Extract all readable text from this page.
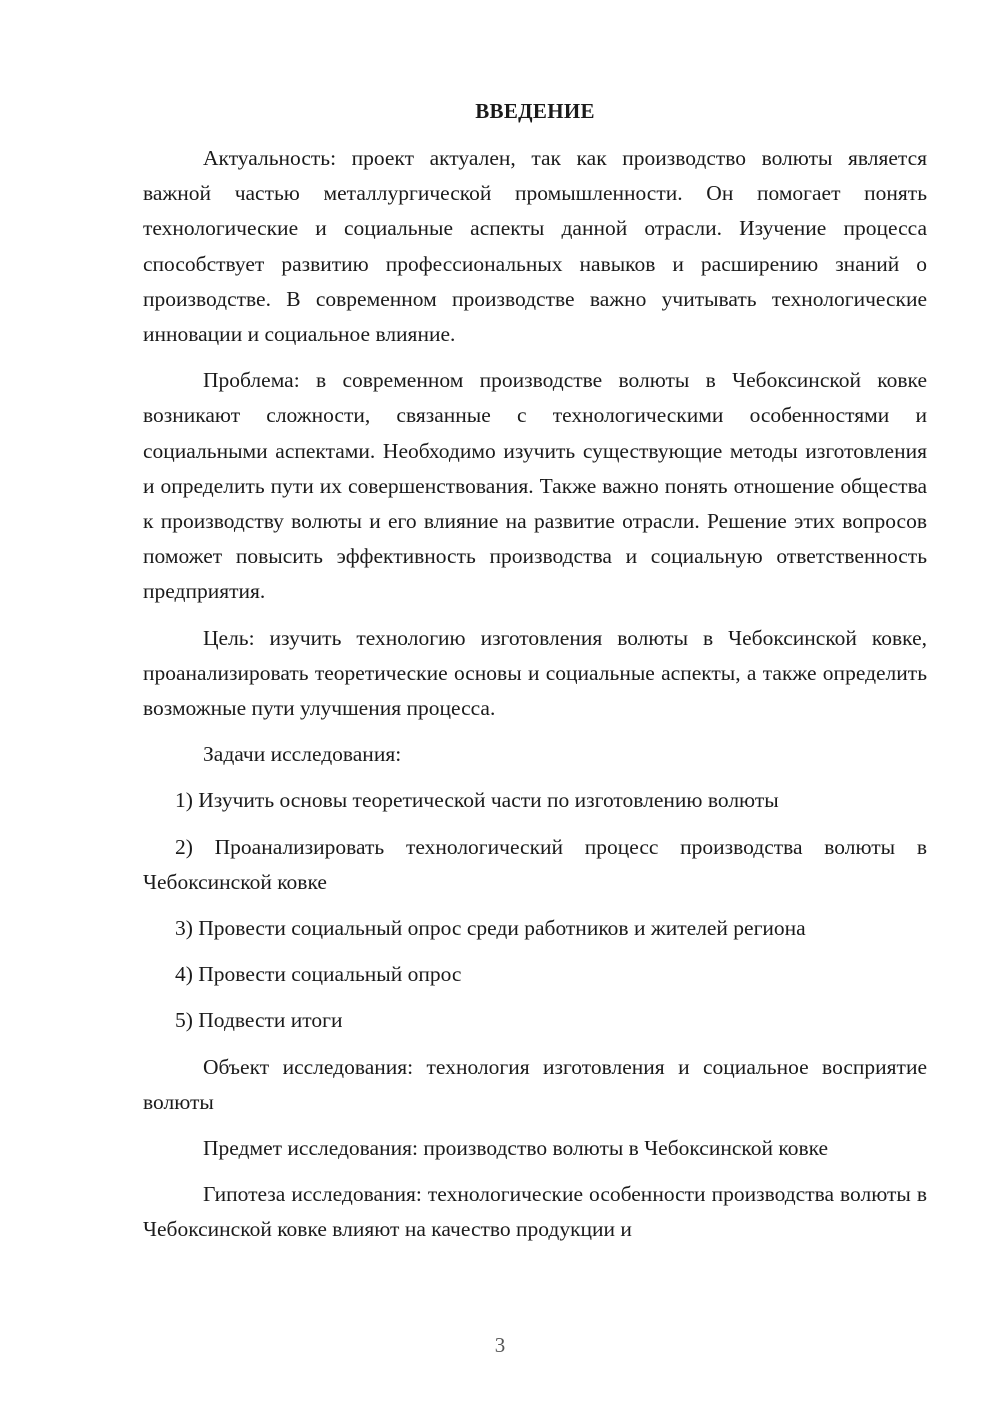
ВВЕДЕНИЕ

Актуальность: проект актуален, так как производство волюты является важной частью металлургической промышленности. Он помогает понять технологические и социальные аспекты данной отрасли. Изучение процесса способствует развитию профессиональных навыков и расширению знаний о производстве. В современном производстве важно учитывать технологические инновации и социальное влияние.

Проблема: в современном производстве волюты в Чебоксинской ковке возникают сложности, связанные с технологическими особенностями и социальными аспектами. Необходимо изучить существующие методы изготовления и определить пути их совершенствования. Также важно понять отношение общества к производству волюты и его влияние на развитие отрасли. Решение этих вопросов поможет повысить эффективность производства и социальную ответственность предприятия.

Цель: изучить технологию изготовления волюты в Чебоксинской ковке, проанализировать теоретические основы и социальные аспекты, а также определить возможные пути улучшения процесса.

Задачи исследования:

1) Изучить основы теоретической части по изготовлению волюты

2) Проанализировать технологический процесс производства волюты в Чебоксинской ковке

3) Провести социальный опрос среди работников и жителей региона

4) Провести социальный опрос

5) Подвести итоги

Объект исследования: технология изготовления и социальное восприятие волюты

Предмет исследования: производство волюты в Чебоксинской ковке

Гипотеза исследования: технологические особенности производства волюты в Чебоксинской ковке влияют на качество продукции и

3
